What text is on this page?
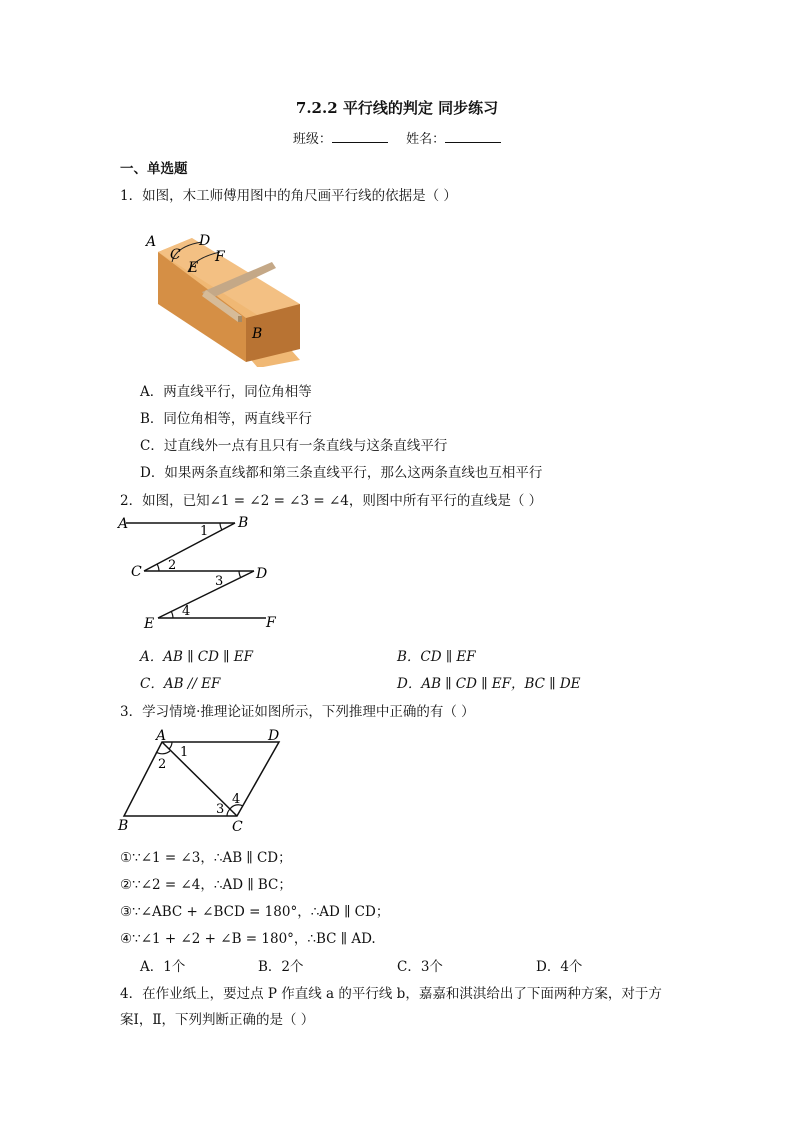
7.2.2 平行线的判定 同步练习
班级：	姓名：
一、单选题
1．如图，木工师傅用图中的角尺画平行线的依据是（ ）
A
C
D
E
F
B
A．两直线平行，同位角相等
B．同位角相等，两直线平行
C．过直线外一点有且只有一条直线与这条直线平行
D．如果两条直线都和第三条直线平行，那么这两条直线也互相平行
2．如图，已知∠1 = ∠2 = ∠3 = ∠4，则图中所有平行的直线是（ ）
A	B
C	D
E	F
1
2
3
4
A．AB ∥ CD ∥ EF	B．CD ∥ EF
C．AB // EF	D．AB ∥ CD ∥ EF，BC ∥ DE
3．学习情境·推理论证如图所示，下列推理中正确的有（ ）
A	D
B	C
1
2
3
4
①∵∠1 = ∠3，∴AB ∥ CD；
②∵∠2 = ∠4，∴AD ∥ BC；
③∵∠ABC + ∠BCD = 180°，∴AD ∥ CD；
④∵∠1 + ∠2 + ∠B = 180°，∴BC ∥ AD.
A．1个	B．2个	C．3个	D．4个
4．在作业纸上，要过点 P 作直线 a 的平行线 b，嘉嘉和淇淇给出了下面两种方案，对于方
案Ⅰ，Ⅱ，下列判断正确的是（ ）
